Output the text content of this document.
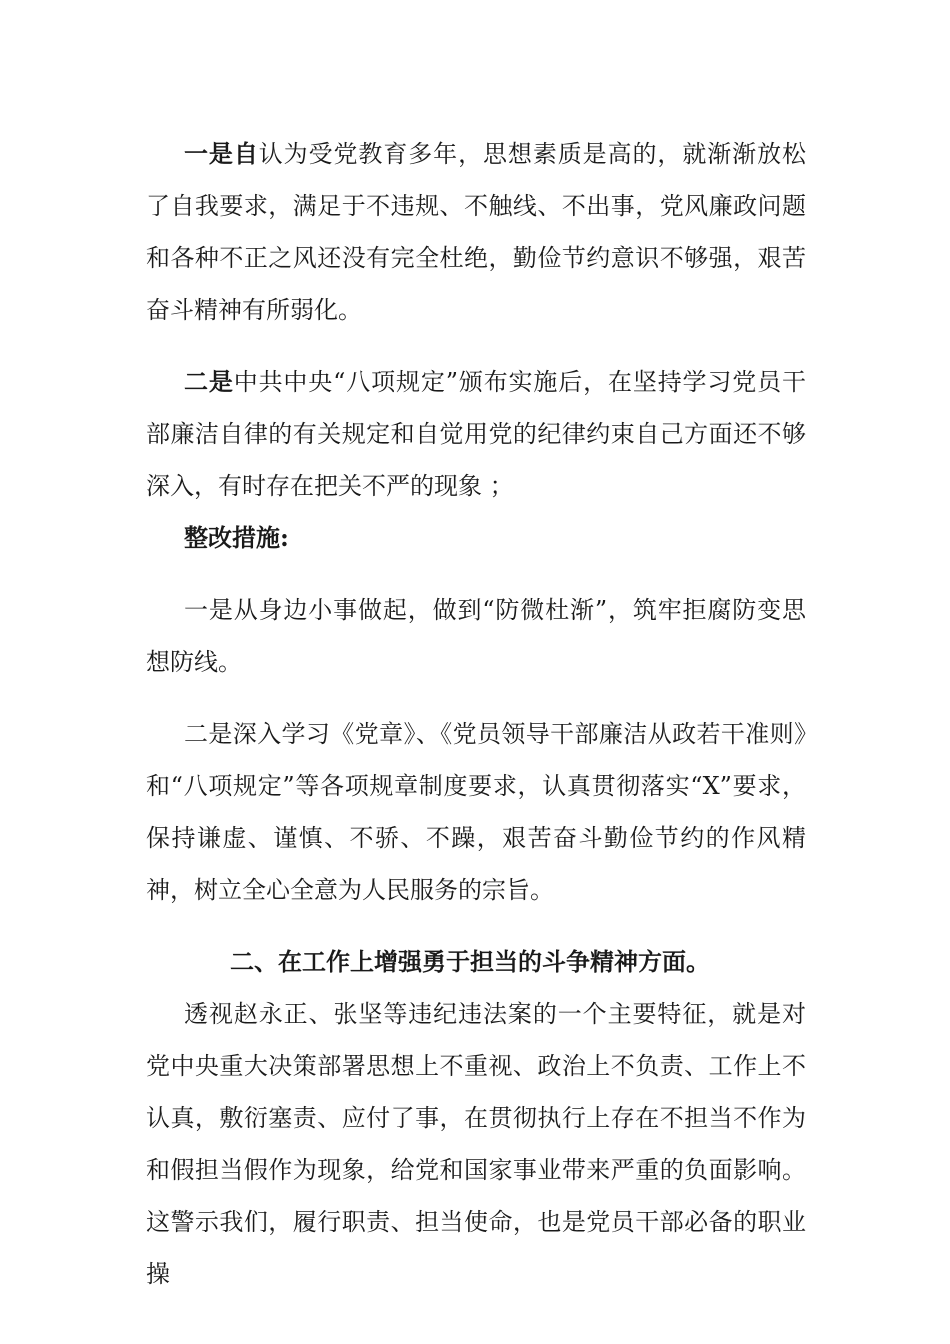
一是自认为受党教育多年，思想素质是高的，就渐渐放松了自我要求，满足于不违规、不触线、不出事，党风廉政问题和各种不正之风还没有完全杜绝，勤俭节约意识不够强，艰苦奋斗精神有所弱化。

二是中共中央“八项规定”颁布实施后，在坚持学习党员干部廉洁自律的有关规定和自觉用党的纪律约束自己方面还不够深入，有时存在把关不严的现象 ；

整改措施:

一是从身边小事做起，做到“防微杜渐”，筑牢拒腐防变思想防线。

二是深入学习《党章》、《党员领导干部廉洁从政若干准则》和“八项规定”等各项规章制度要求，认真贯彻落实“X”要求，保持谦虚、谨慎、不骄、不躁，艰苦奋斗勤俭节约的作风精神，树立全心全意为人民服务的宗旨。

二、在工作上增强勇于担当的斗争精神方面。

透视赵永正、张坚等违纪违法案的一个主要特征，就是对党中央重大决策部署思想上不重视、政治上不负责、工作上不认真，敷衍塞责、应付了事，在贯彻执行上存在不担当不作为和假担当假作为现象，给党和国家事业带来严重的负面影响。这警示我们，履行职责、担当使命，也是党员干部必备的职业操
